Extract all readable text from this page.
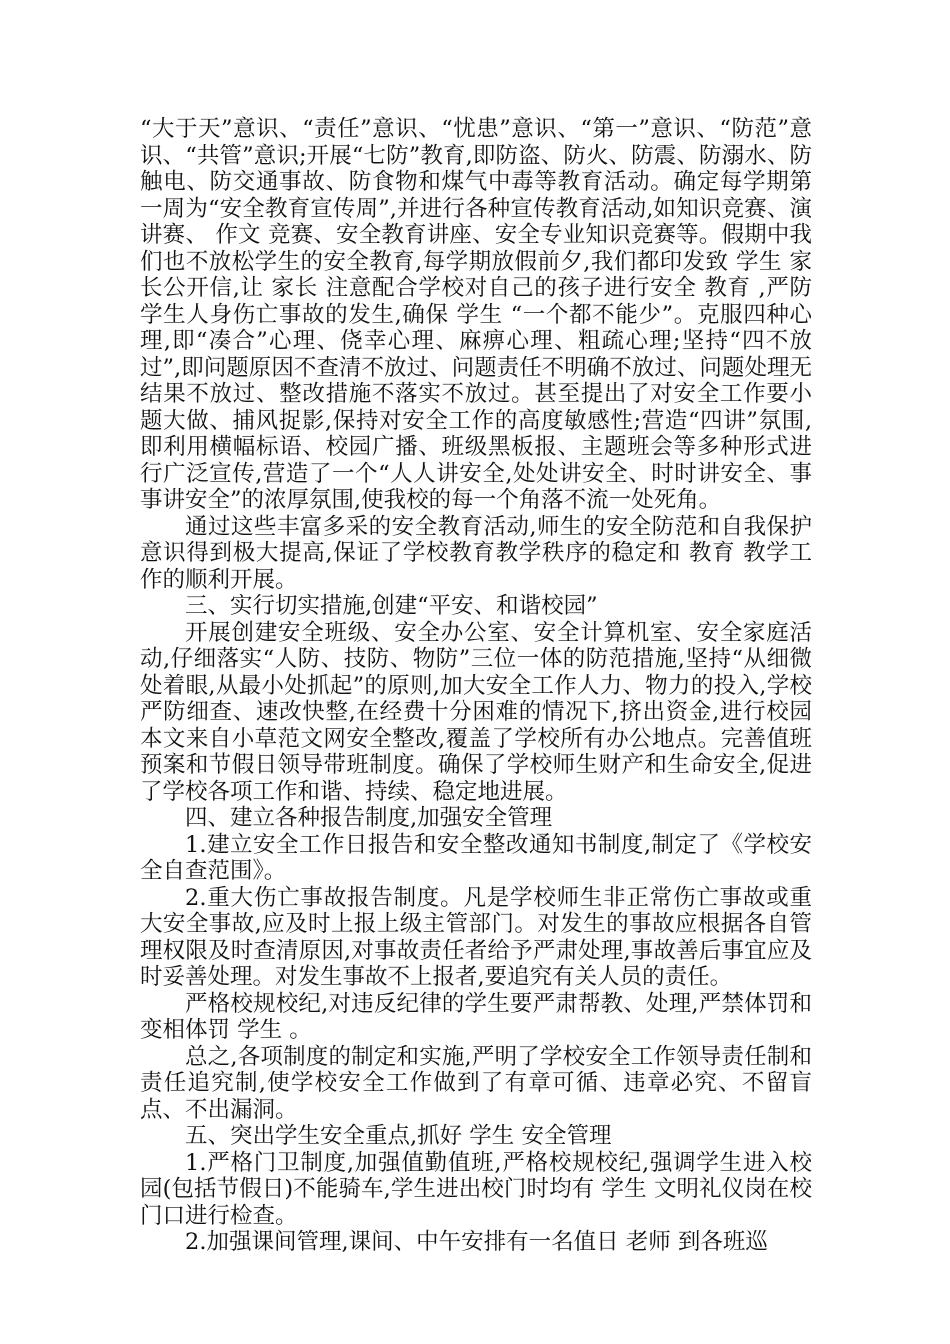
“大于天”意识、“责任”意识、“忧患”意识、“第一”意识、“防范”意识、“共管”意识;开展“七防”教育,即防盗、防火、防震、防溺水、防触电、防交通事故、防食物和煤气中毒等教育活动。确定每学期第一周为“安全教育宣传周”,并进行各种宣传教育活动,如知识竞赛、演讲赛、 作文 竞赛、安全教育讲座、安全专业知识竞赛等。假期中我们也不放松学生的安全教育,每学期放假前夕,我们都印发致 学生 家长公开信,让 家长 注意配合学校对自己的孩子进行安全 教育 ,严防学生人身伤亡事故的发生,确保 学生 “一个都不能少”。克服四种心理,即“凑合”心理、侥幸心理、麻痹心理、粗疏心理;坚持“四不放过”,即问题原因不查清不放过、问题责任不明确不放过、问题处理无结果不放过、整改措施不落实不放过。甚至提出了对安全工作要小题大做、捕风捉影,保持对安全工作的高度敏感性;营造“四讲”氛围,即利用横幅标语、校园广播、班级黑板报、主题班会等多种形式进行广泛宣传,营造了一个“人人讲安全,处处讲安全、时时讲安全、事事讲安全”的浓厚氛围,使我校的每一个角落不流一处死角。

通过这些丰富多采的安全教育活动,师生的安全防范和自我保护意识得到极大提高,保证了学校教育教学秩序的稳定和 教育 教学工作的顺利开展。

三、实行切实措施,创建“平安、和谐校园”

开展创建安全班级、安全办公室、安全计算机室、安全家庭活动,仔细落实“人防、技防、物防”三位一体的防范措施,坚持“从细微处着眼,从最小处抓起”的原则,加大安全工作人力、物力的投入,学校严防细查、速改快整,在经费十分困难的情况下,挤出资金,进行校园本文来自小草范文网安全整改,覆盖了学校所有办公地点。完善值班预案和节假日领导带班制度。确保了学校师生财产和生命安全,促进了学校各项工作和谐、持续、稳定地进展。

四、建立各种报告制度,加强安全管理

1.建立安全工作日报告和安全整改通知书制度,制定了《学校安全自查范围》。

2.重大伤亡事故报告制度。凡是学校师生非正常伤亡事故或重大安全事故,应及时上报上级主管部门。对发生的事故应根据各自管理权限及时查清原因,对事故责任者给予严肃处理,事故善后事宜应及时妥善处理。对发生事故不上报者,要追究有关人员的责任。

严格校规校纪,对违反纪律的学生要严肃帮教、处理,严禁体罚和变相体罚 学生 。

总之,各项制度的制定和实施,严明了学校安全工作领导责任制和责任追究制,使学校安全工作做到了有章可循、违章必究、不留盲点、不出漏洞。

五、突出学生安全重点,抓好 学生 安全管理

1.严格门卫制度,加强值勤值班,严格校规校纪,强调学生进入校园(包括节假日)不能骑车,学生进出校门时均有 学生 文明礼仪岗在校门口进行检查。

2.加强课间管理,课间、中午安排有一名值日 老师 到各班巡
